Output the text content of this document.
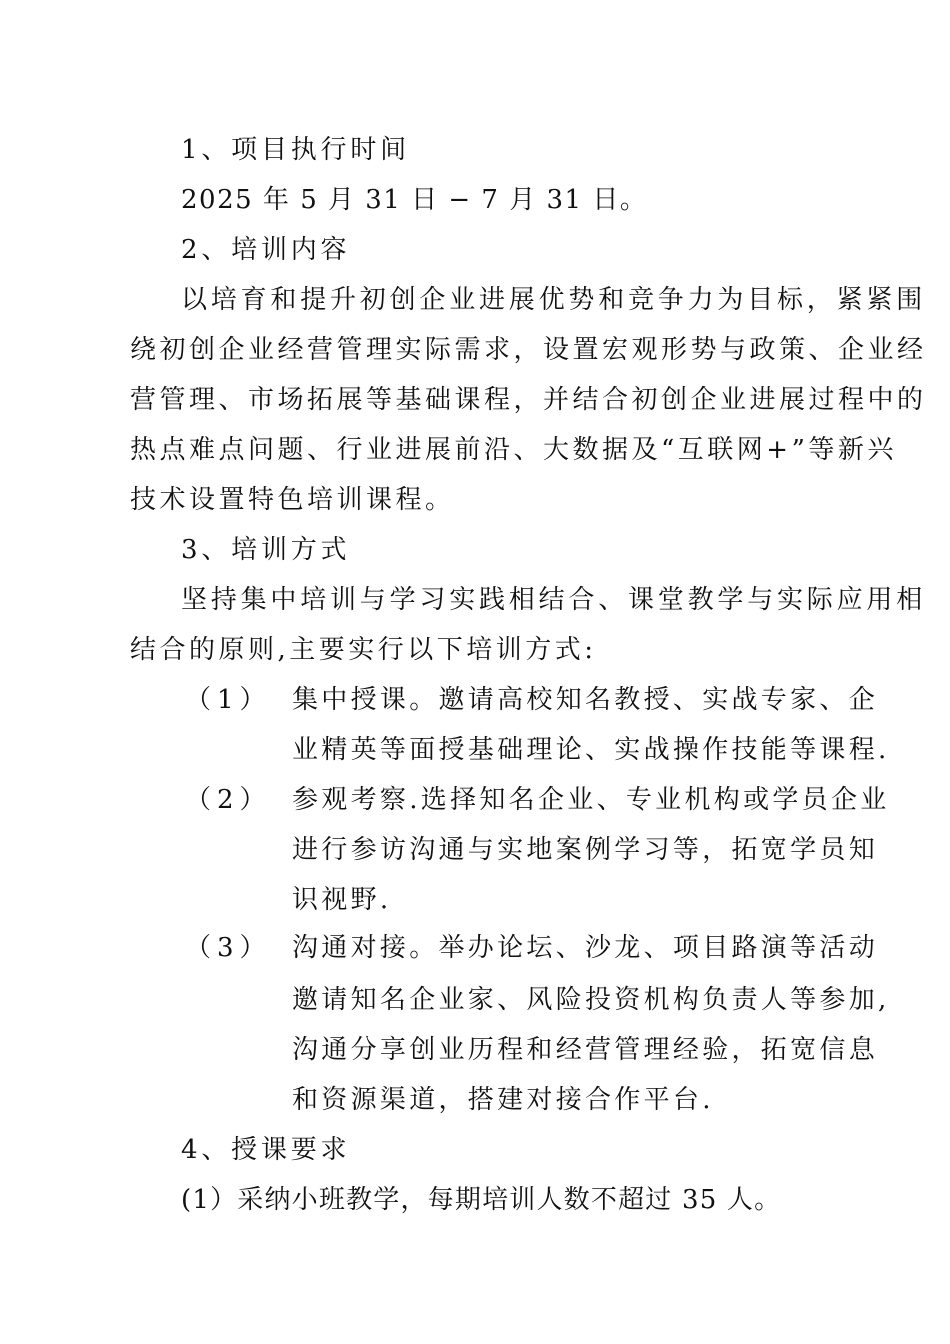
1、项目执行时间
2025 年 5 月 31 日 − 7 月 31 日。
2、培训内容
以培育和提升初创企业进展优势和竞争力为目标，紧紧围
绕初创企业经营管理实际需求，设置宏观形势与政策、企业经
营管理、市场拓展等基础课程，并结合初创企业进展过程中的
热点难点问题、行业进展前沿、大数据及“互联网+”等新兴
技术设置特色培训课程。
3、培训方式
坚持集中培训与学习实践相结合、课堂教学与实际应用相
结合的原则,主要实行以下培训方式:
（1） 集中授课。邀请高校知名教授、实战专家、企
业精英等面授基础理论、实战操作技能等课程.
（2） 参观考察.选择知名企业、专业机构或学员企业
进行参访沟通与实地案例学习等，拓宽学员知
识视野.
（3） 沟通对接。举办论坛、沙龙、项目路演等活动
邀请知名企业家、风险投资机构负责人等参加,
沟通分享创业历程和经营管理经验，拓宽信息
和资源渠道，搭建对接合作平台.
4、授课要求
(1）采纳小班教学，每期培训人数不超过 35 人。
